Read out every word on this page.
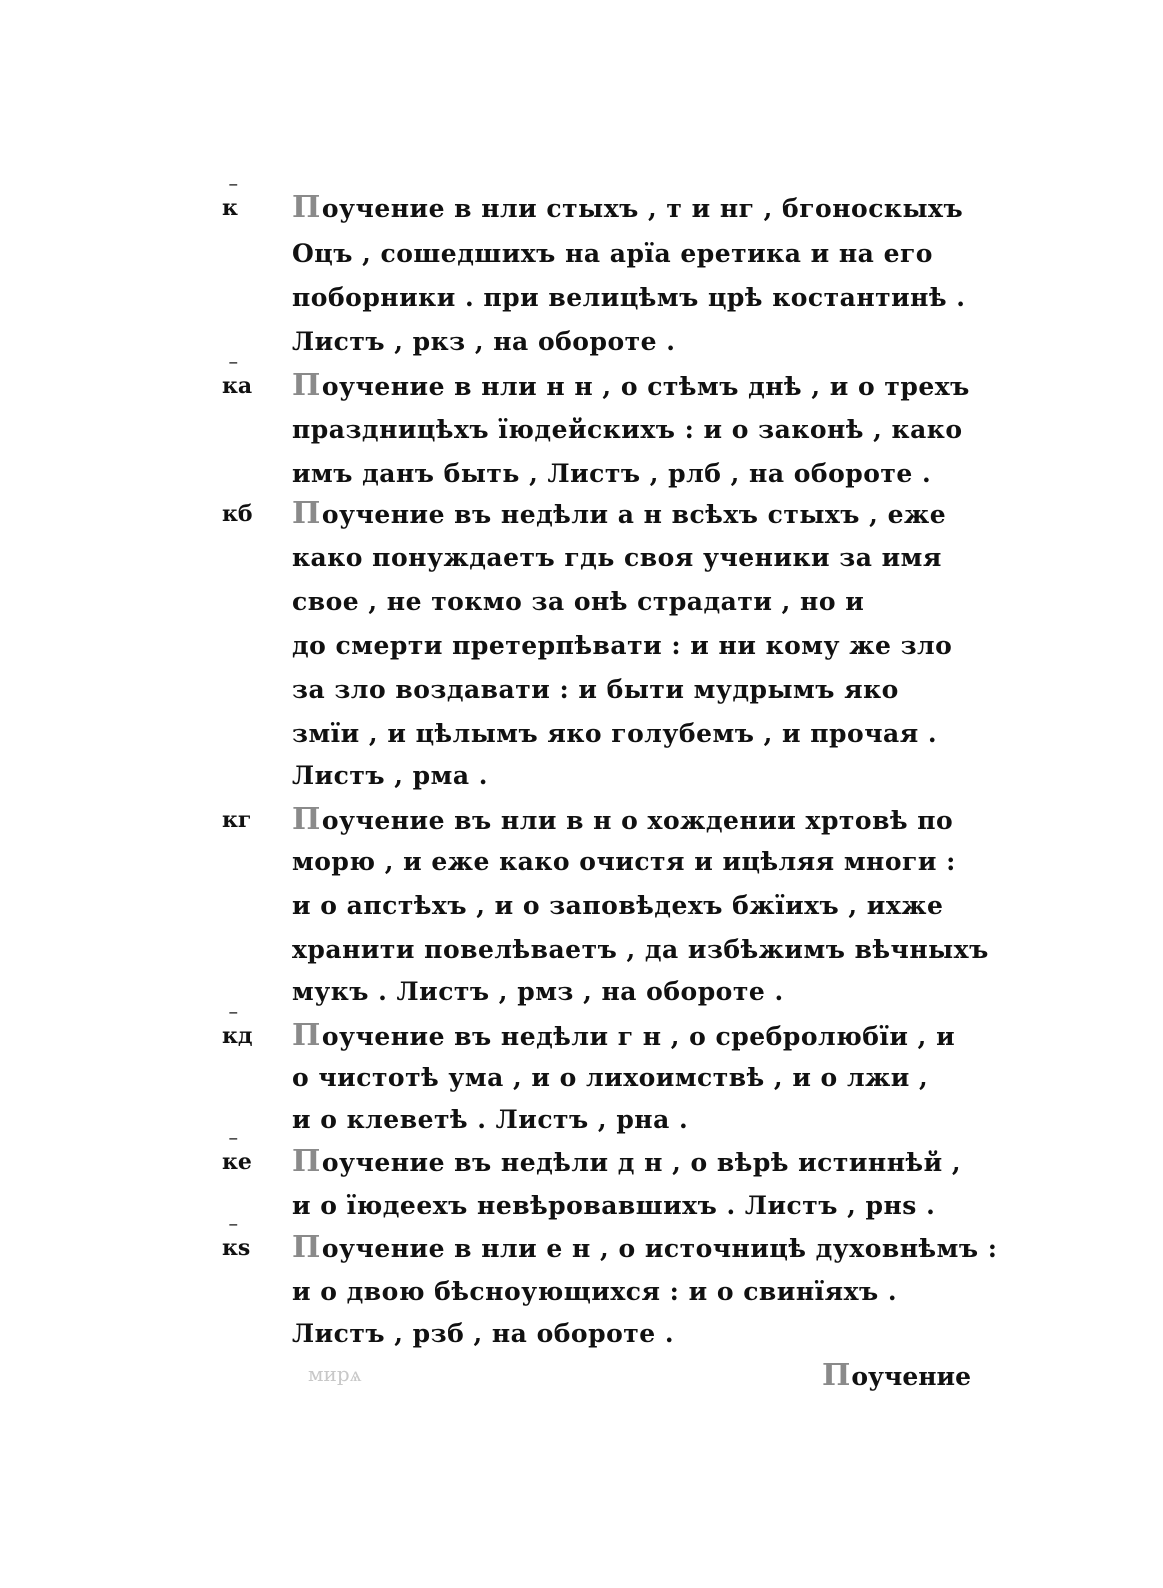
⁻
к	Поучение в нли стыхъ , т и нг , бгоноскыхъ
Оцъ , сошедшихъ на арїа еретика и на его
поборники . при велицѣмъ црѣ костантинѣ .
Листъ , ркз , на обороте .
⁻
ка	Поучение в нли н н , о стѣмъ днѣ , и о трехъ
праздницѣхъ їюдейскихъ : и о законѣ , како
имъ данъ быть , Листъ , рлб , на обороте .
кб	Поучение въ недѣли а н всѣхъ стыхъ , еже
како понуждаетъ гдь своя ученики за имя
свое , не токмо за онѣ страдати , но и
до смерти претерпѣвати : и ни кому же зло
за зло воздавати : и быти мудрымъ яко
змїи , и цѣлымъ яко голубемъ , и прочая .
Листъ , рма .
кг	Поучение въ нли в н о хождении хртовѣ по
морю , и еже како очистя и ицѣляя многи :
и о апстѣхъ , и о заповѣдехъ бжїихъ , ихже
хранити повелѣваетъ , да избѣжимъ вѣчныхъ
мукъ . Листъ , рмз , на обороте .
⁻
кд	Поучение въ недѣли г н , о сребролюбїи , и
о чистотѣ ума , и о лихоимствѣ , и о лжи ,
и о клеветѣ . Листъ , рна .
⁻
ке	Поучение въ недѣли д н , о вѣрѣ истиннѣй ,
и о їюдеехъ невѣровавшихъ . Листъ , рнѕ .
⁻
кѕ	Поучение в нли е н , о источницѣ духовнѣмъ :
и о двою бѣсноующихся : и о свинїяхъ .
Листъ , рзб , на обороте .
мирѧ	Поучение
